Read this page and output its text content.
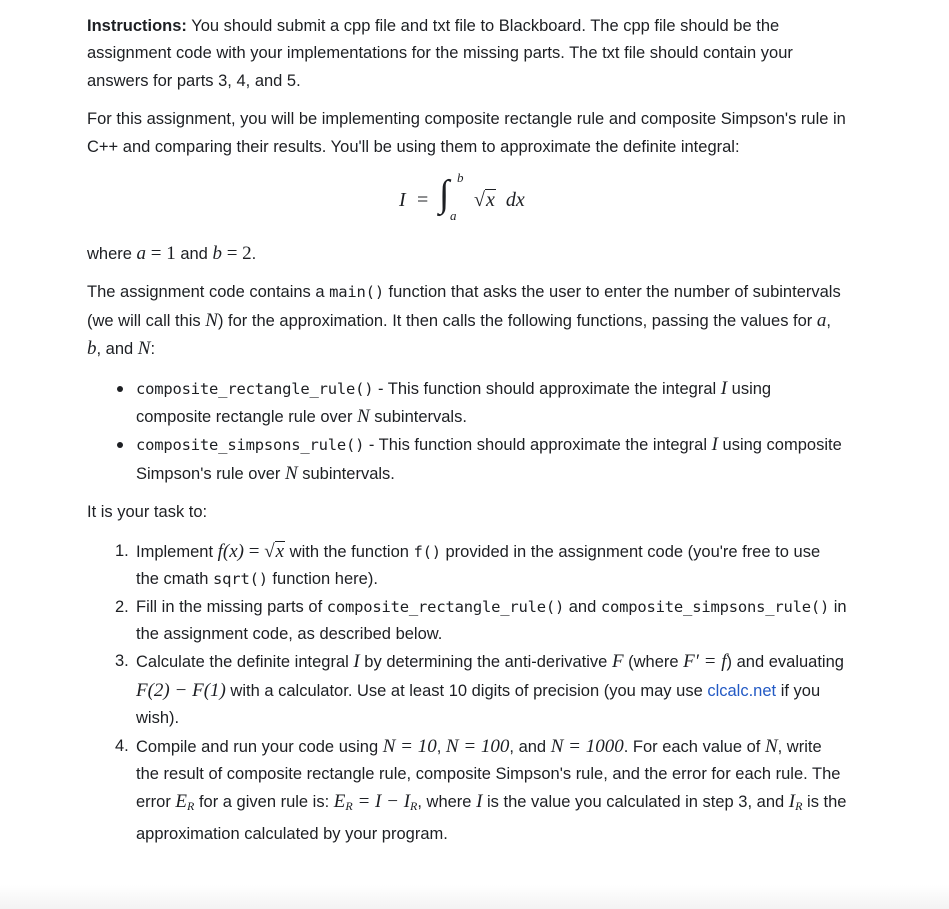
Instructions: You should submit a cpp file and txt file to Blackboard. The cpp file should be the assignment code with your implementations for the missing parts. The txt file should contain your answers for parts 3, 4, and 5.

For this assignment, you will be implementing composite rectangle rule and composite Simpson's rule in C++ and comparing their results. You'll be using them to approximate the definite integral:

I = ∫ b
a
√x dx

where a = 1 and b = 2.

The assignment code contains a main() function that asks the user to enter the number of subintervals (we will call this N) for the approximation. It then calls the following functions, passing the values for a, b, and N:

composite_rectangle_rule() - This function should approximate the integral I using composite rectangle rule over N subintervals.
composite_simpsons_rule() - This function should approximate the integral I using composite Simpson's rule over N subintervals.

It is your task to:

1. Implement f(x) = √x with the function f() provided in the assignment code (you're free to use the cmath sqrt() function here).
2. Fill in the missing parts of composite_rectangle_rule() and composite_simpsons_rule() in the assignment code, as described below.
3. Calculate the definite integral I by determining the anti-derivative F (where F′ = f) and evaluating F(2) − F(1) with a calculator. Use at least 10 digits of precision (you may use clcalc.net if you wish).
4. Compile and run your code using N = 10, N = 100, and N = 1000. For each value of N, write the result of composite rectangle rule, composite Simpson's rule, and the error for each rule. The error $E_R$ for a given rule is: $E_R = I - I_R$, where I is the value you calculated in step 3, and $I_R$ is the approximation calculated by your program.
